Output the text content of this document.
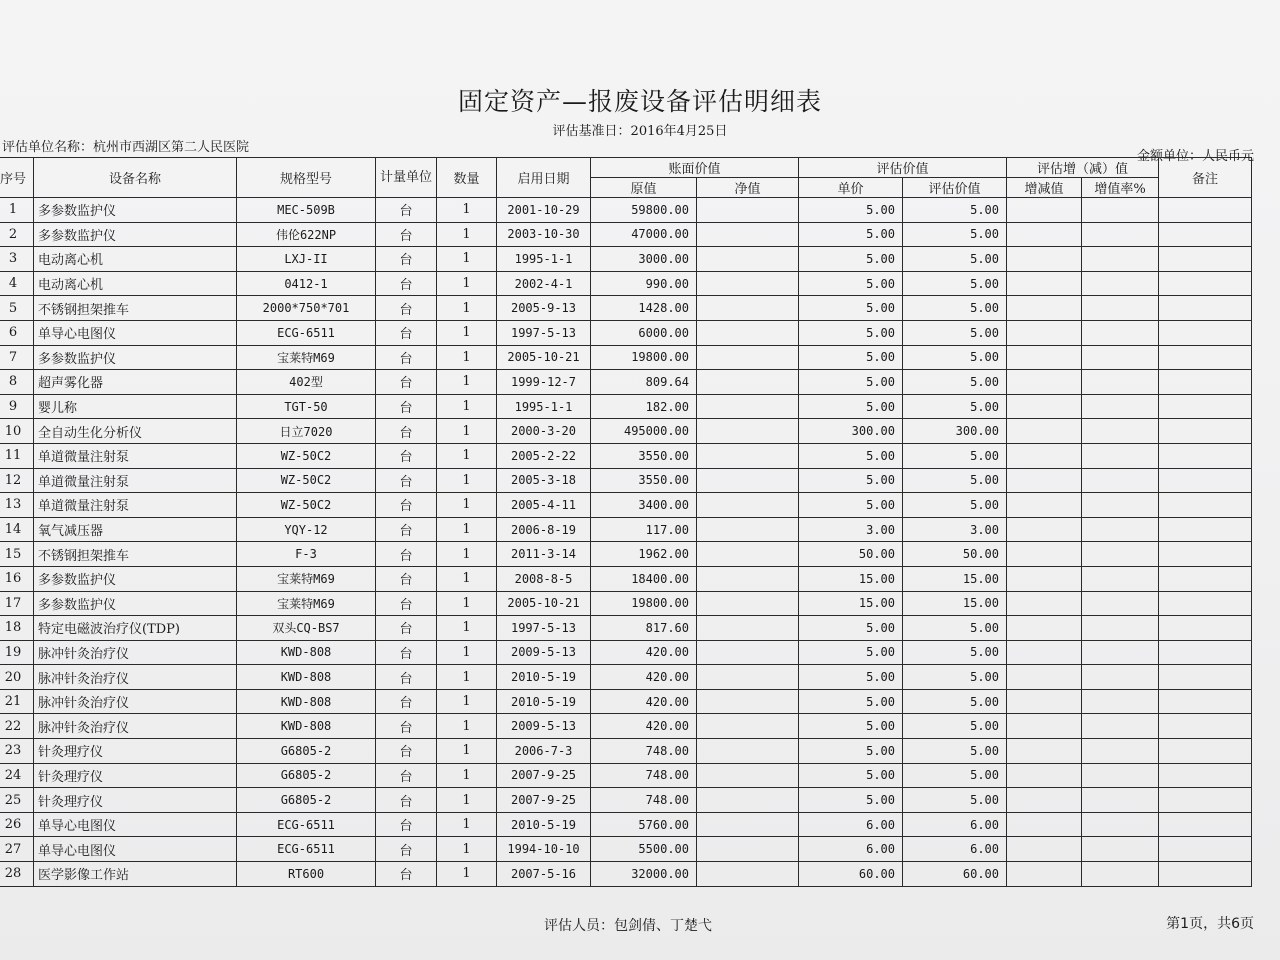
固定资产—报废设备评估明细表
评估基准日：2016年4月25日
评估单位名称：杭州市西湖区第二人民医院
金额单位：人民币元
序号	设备名称	规格型号	计量单位	数量	启用日期	账面价值		评估价值		评估增（减）值		备注
						原值	净值	单价	评估价值	增减值	增值率%	
1	多参数监护仪	MEC-509B	台	1	2001-10-29	59800.00		5.00	5.00			
2	多参数监护仪	伟伦622NP	台	1	2003-10-30	47000.00		5.00	5.00			
3	电动离心机	LXJ-II	台	1	1995-1-1	3000.00		5.00	5.00			
4	电动离心机	0412-1	台	1	2002-4-1	990.00		5.00	5.00			
5	不锈钢担架推车	2000*750*701	台	1	2005-9-13	1428.00		5.00	5.00			
6	单导心电图仪	ECG-6511	台	1	1997-5-13	6000.00		5.00	5.00			
7	多参数监护仪	宝莱特M69	台	1	2005-10-21	19800.00		5.00	5.00			
8	超声雾化器	402型	台	1	1999-12-7	809.64		5.00	5.00			
9	婴儿称	TGT-50	台	1	1995-1-1	182.00		5.00	5.00			
10	全自动生化分析仪	日立7020	台	1	2000-3-20	495000.00		300.00	300.00			
11	单道微量注射泵	WZ-50C2	台	1	2005-2-22	3550.00		5.00	5.00			
12	单道微量注射泵	WZ-50C2	台	1	2005-3-18	3550.00		5.00	5.00			
13	单道微量注射泵	WZ-50C2	台	1	2005-4-11	3400.00		5.00	5.00			
14	氧气减压器	YQY-12	台	1	2006-8-19	117.00		3.00	3.00			
15	不锈钢担架推车	F-3	台	1	2011-3-14	1962.00		50.00	50.00			
16	多参数监护仪	宝莱特M69	台	1	2008-8-5	18400.00		15.00	15.00			
17	多参数监护仪	宝莱特M69	台	1	2005-10-21	19800.00		15.00	15.00			
18	特定电磁波治疗仪(TDP)	双头CQ-BS7	台	1	1997-5-13	817.60		5.00	5.00			
19	脉冲针灸治疗仪	KWD-808	台	1	2009-5-13	420.00		5.00	5.00			
20	脉冲针灸治疗仪	KWD-808	台	1	2010-5-19	420.00		5.00	5.00			
21	脉冲针灸治疗仪	KWD-808	台	1	2010-5-19	420.00		5.00	5.00			
22	脉冲针灸治疗仪	KWD-808	台	1	2009-5-13	420.00		5.00	5.00			
23	针灸理疗仪	G6805-2	台	1	2006-7-3	748.00		5.00	5.00			
24	针灸理疗仪	G6805-2	台	1	2007-9-25	748.00		5.00	5.00			
25	针灸理疗仪	G6805-2	台	1	2007-9-25	748.00		5.00	5.00			
26	单导心电图仪	ECG-6511	台	1	2010-5-19	5760.00		6.00	6.00			
27	单导心电图仪	ECG-6511	台	1	1994-10-10	5500.00		6.00	6.00			
28	医学影像工作站	RT600	台	1	2007-5-16	32000.00		60.00	60.00			
评估人员：包剑倩、丁楚弋	第1页，共6页
